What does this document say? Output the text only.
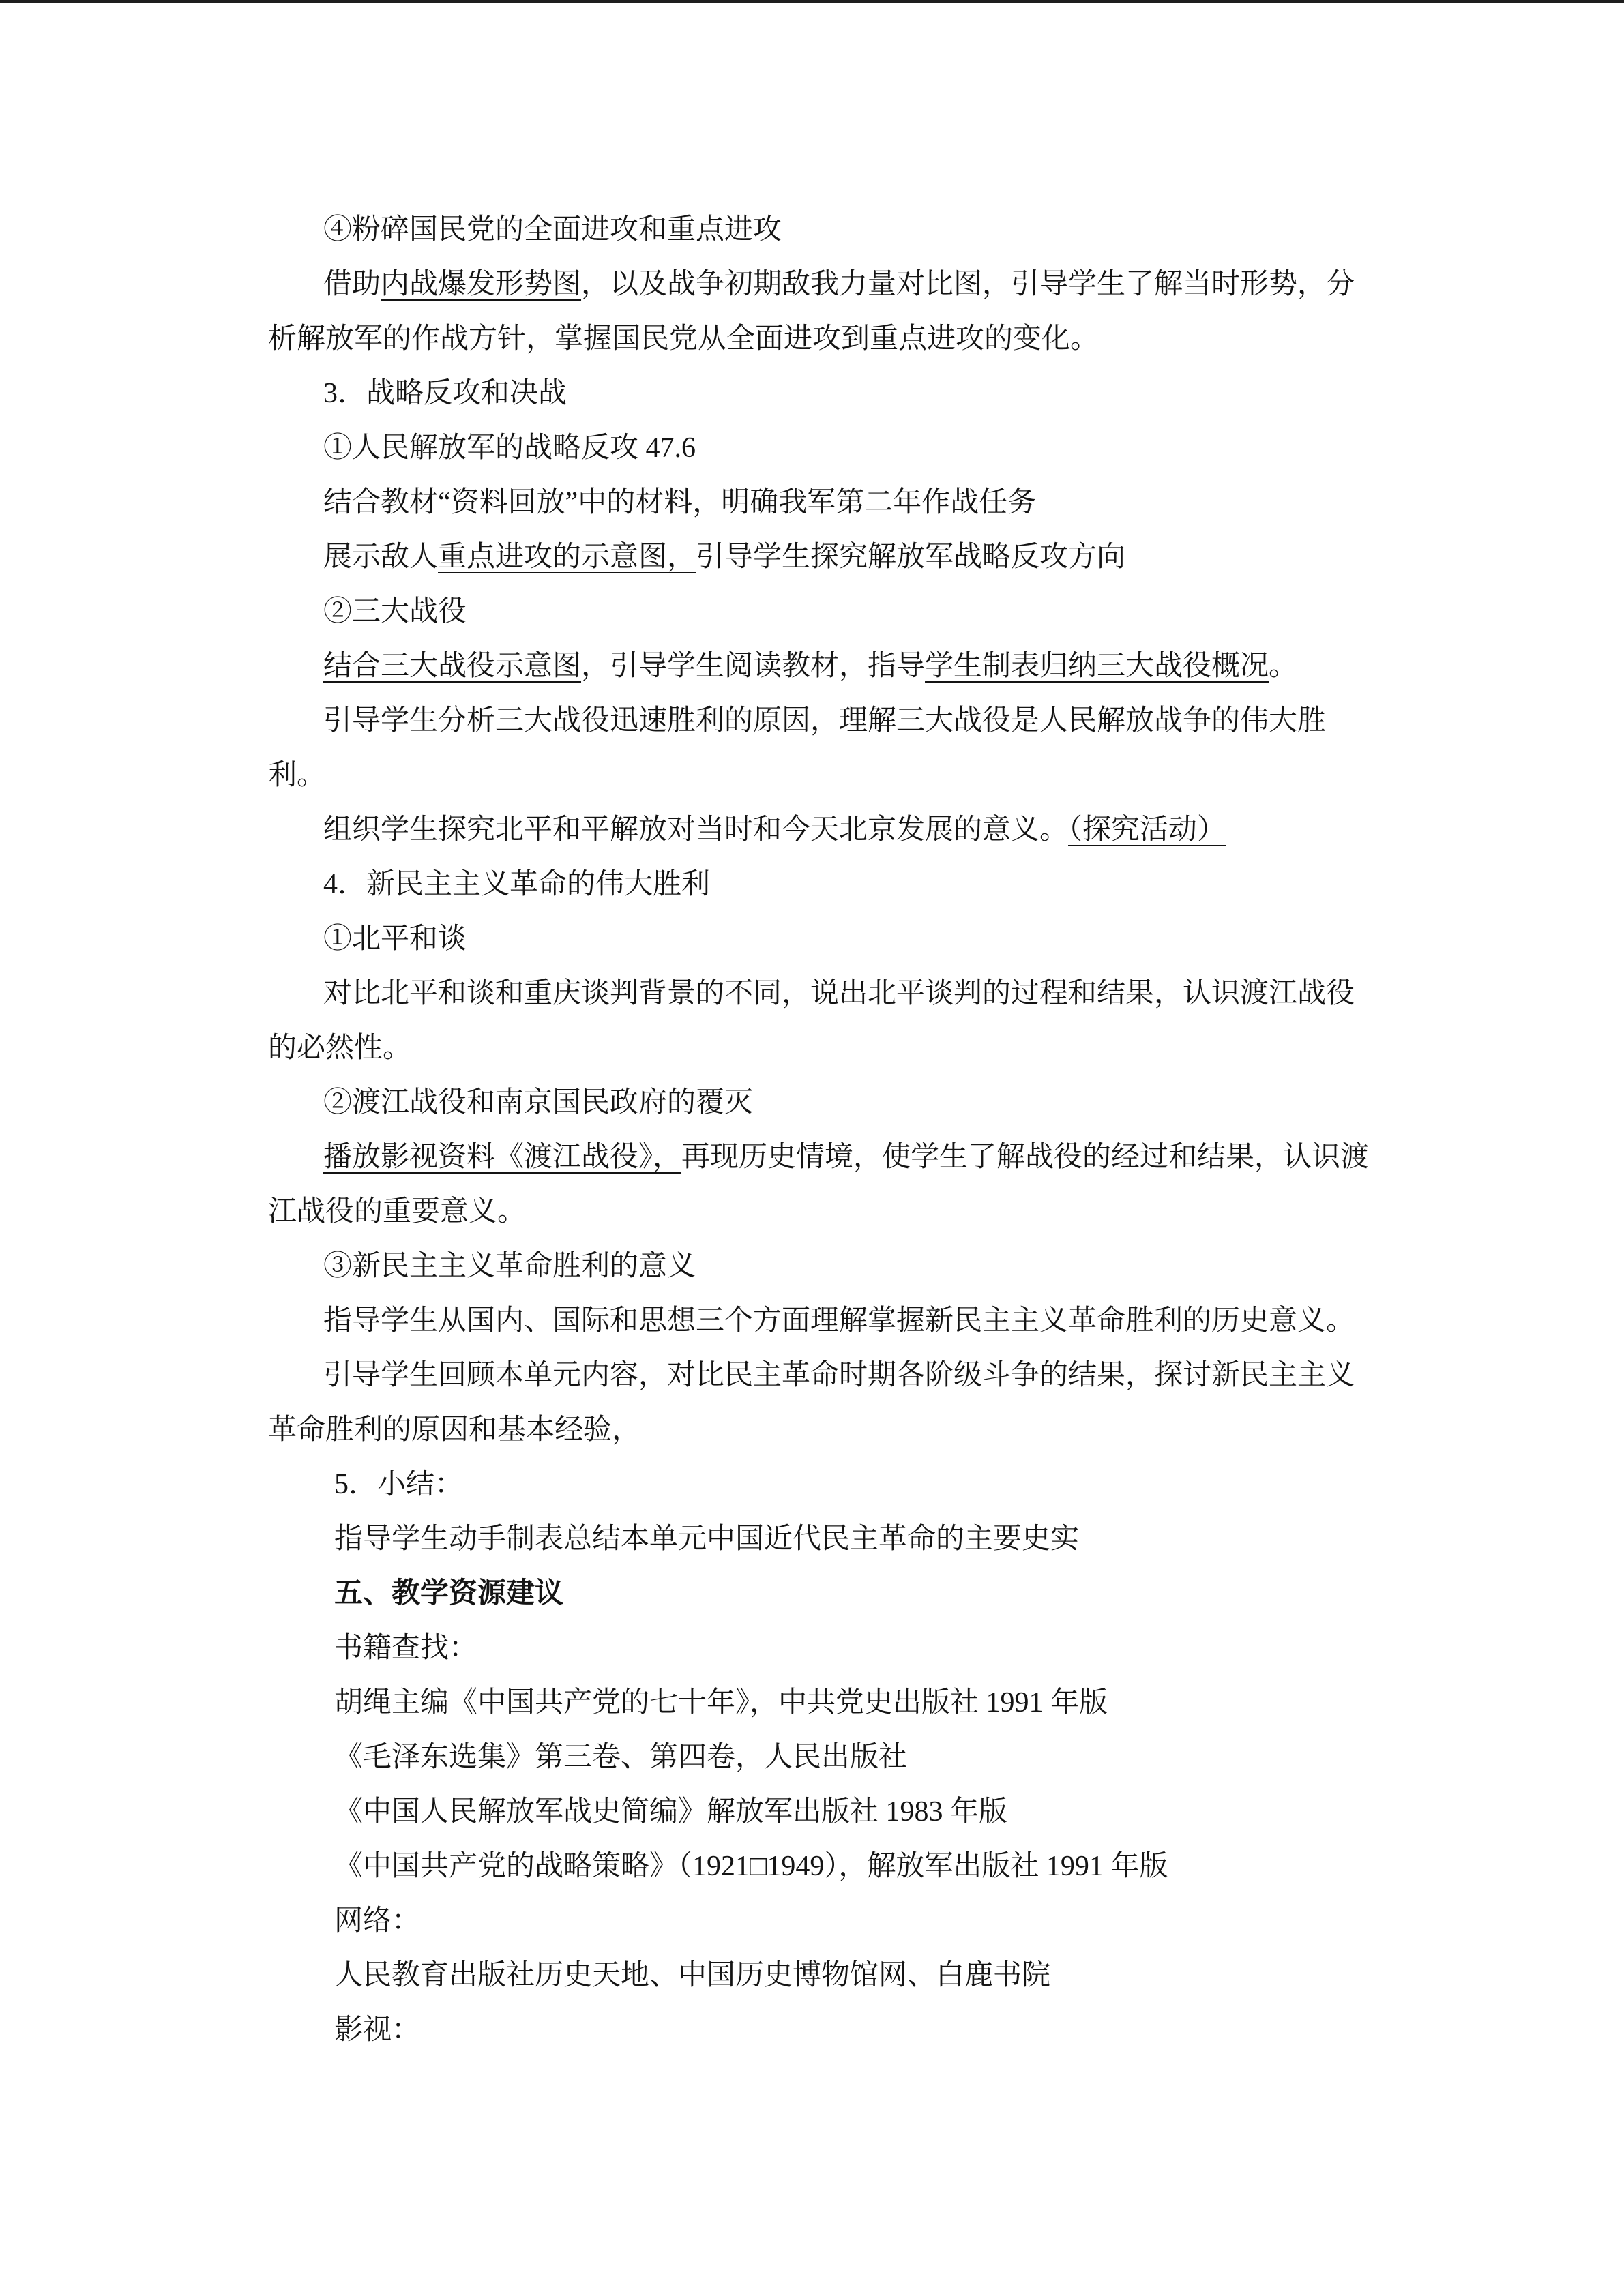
④粉碎国民党的全面进攻和重点进攻
借助内战爆发形势图，以及战争初期敌我力量对比图，引导学生了解当时形势，分
析解放军的作战方针，掌握国民党从全面进攻到重点进攻的变化。
3．战略反攻和决战
①人民解放军的战略反攻 47.6
结合教材“资料回放”中的材料，明确我军第二年作战任务
展示敌人重点进攻的示意图，引导学生探究解放军战略反攻方向
②三大战役
结合三大战役示意图，引导学生阅读教材，指导学生制表归纳三大战役概况。
引导学生分析三大战役迅速胜利的原因，理解三大战役是人民解放战争的伟大胜
利。
组织学生探究北平和平解放对当时和今天北京发展的意义。（探究活动）
4．新民主主义革命的伟大胜利
①北平和谈
对比北平和谈和重庆谈判背景的不同，说出北平谈判的过程和结果，认识渡江战役
的必然性。
②渡江战役和南京国民政府的覆灭
播放影视资料《渡江战役》，再现历史情境，使学生了解战役的经过和结果，认识渡
江战役的重要意义。
③新民主主义革命胜利的意义
指导学生从国内、国际和思想三个方面理解掌握新民主主义革命胜利的历史意义。
引导学生回顾本单元内容，对比民主革命时期各阶级斗争的结果，探讨新民主主义
革命胜利的原因和基本经验，
5．小结：
指导学生动手制表总结本单元中国近代民主革命的主要史实
五、教学资源建议
书籍查找：
胡绳主编《中国共产党的七十年》，中共党史出版社 1991 年版
《毛泽东选集》第三卷、第四卷，人民出版社
《中国人民解放军战史简编》解放军出版社 1983 年版
《中国共产党的战略策略》（1921□1949），解放军出版社 1991 年版
网络：
人民教育出版社历史天地、中国历史博物馆网、白鹿书院
影视：
